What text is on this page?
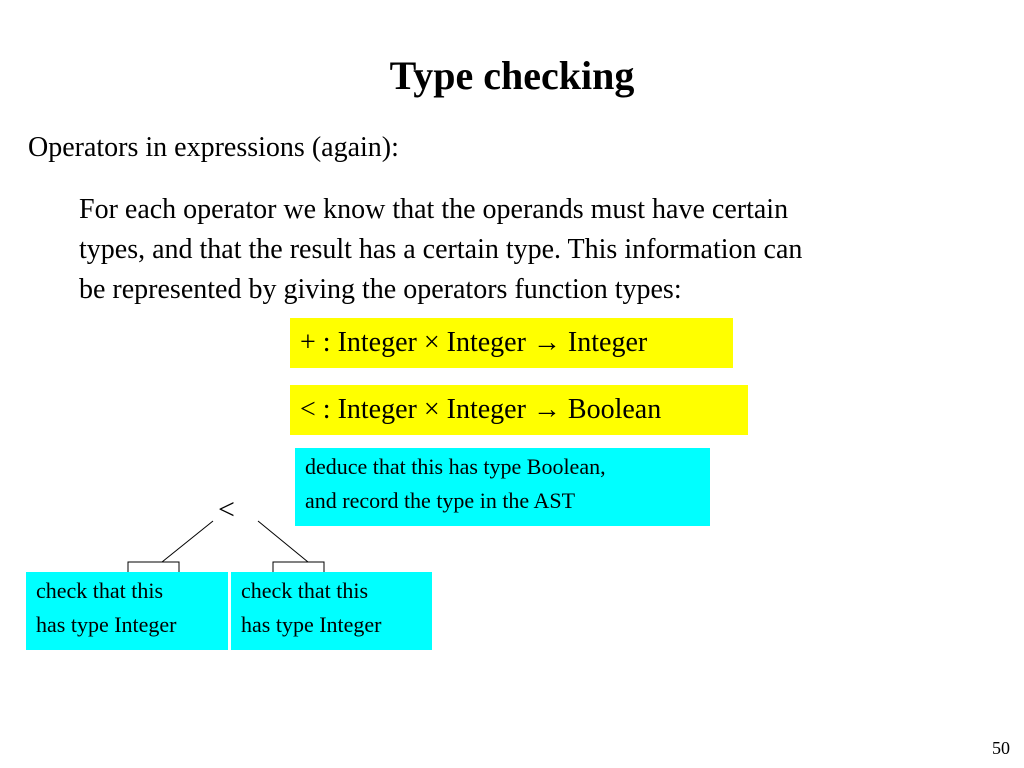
Type checking
Operators in expressions (again):
For each operator we know that the operands must have certain
types, and that the result has a certain type. This information can
be represented by giving the operators function types:
+ : Integer × Integer → Integer
< : Integer × Integer → Boolean
deduce that this has type Boolean,
and record the type in the AST
<
check that this
has type Integer
check that this
has type Integer
50
